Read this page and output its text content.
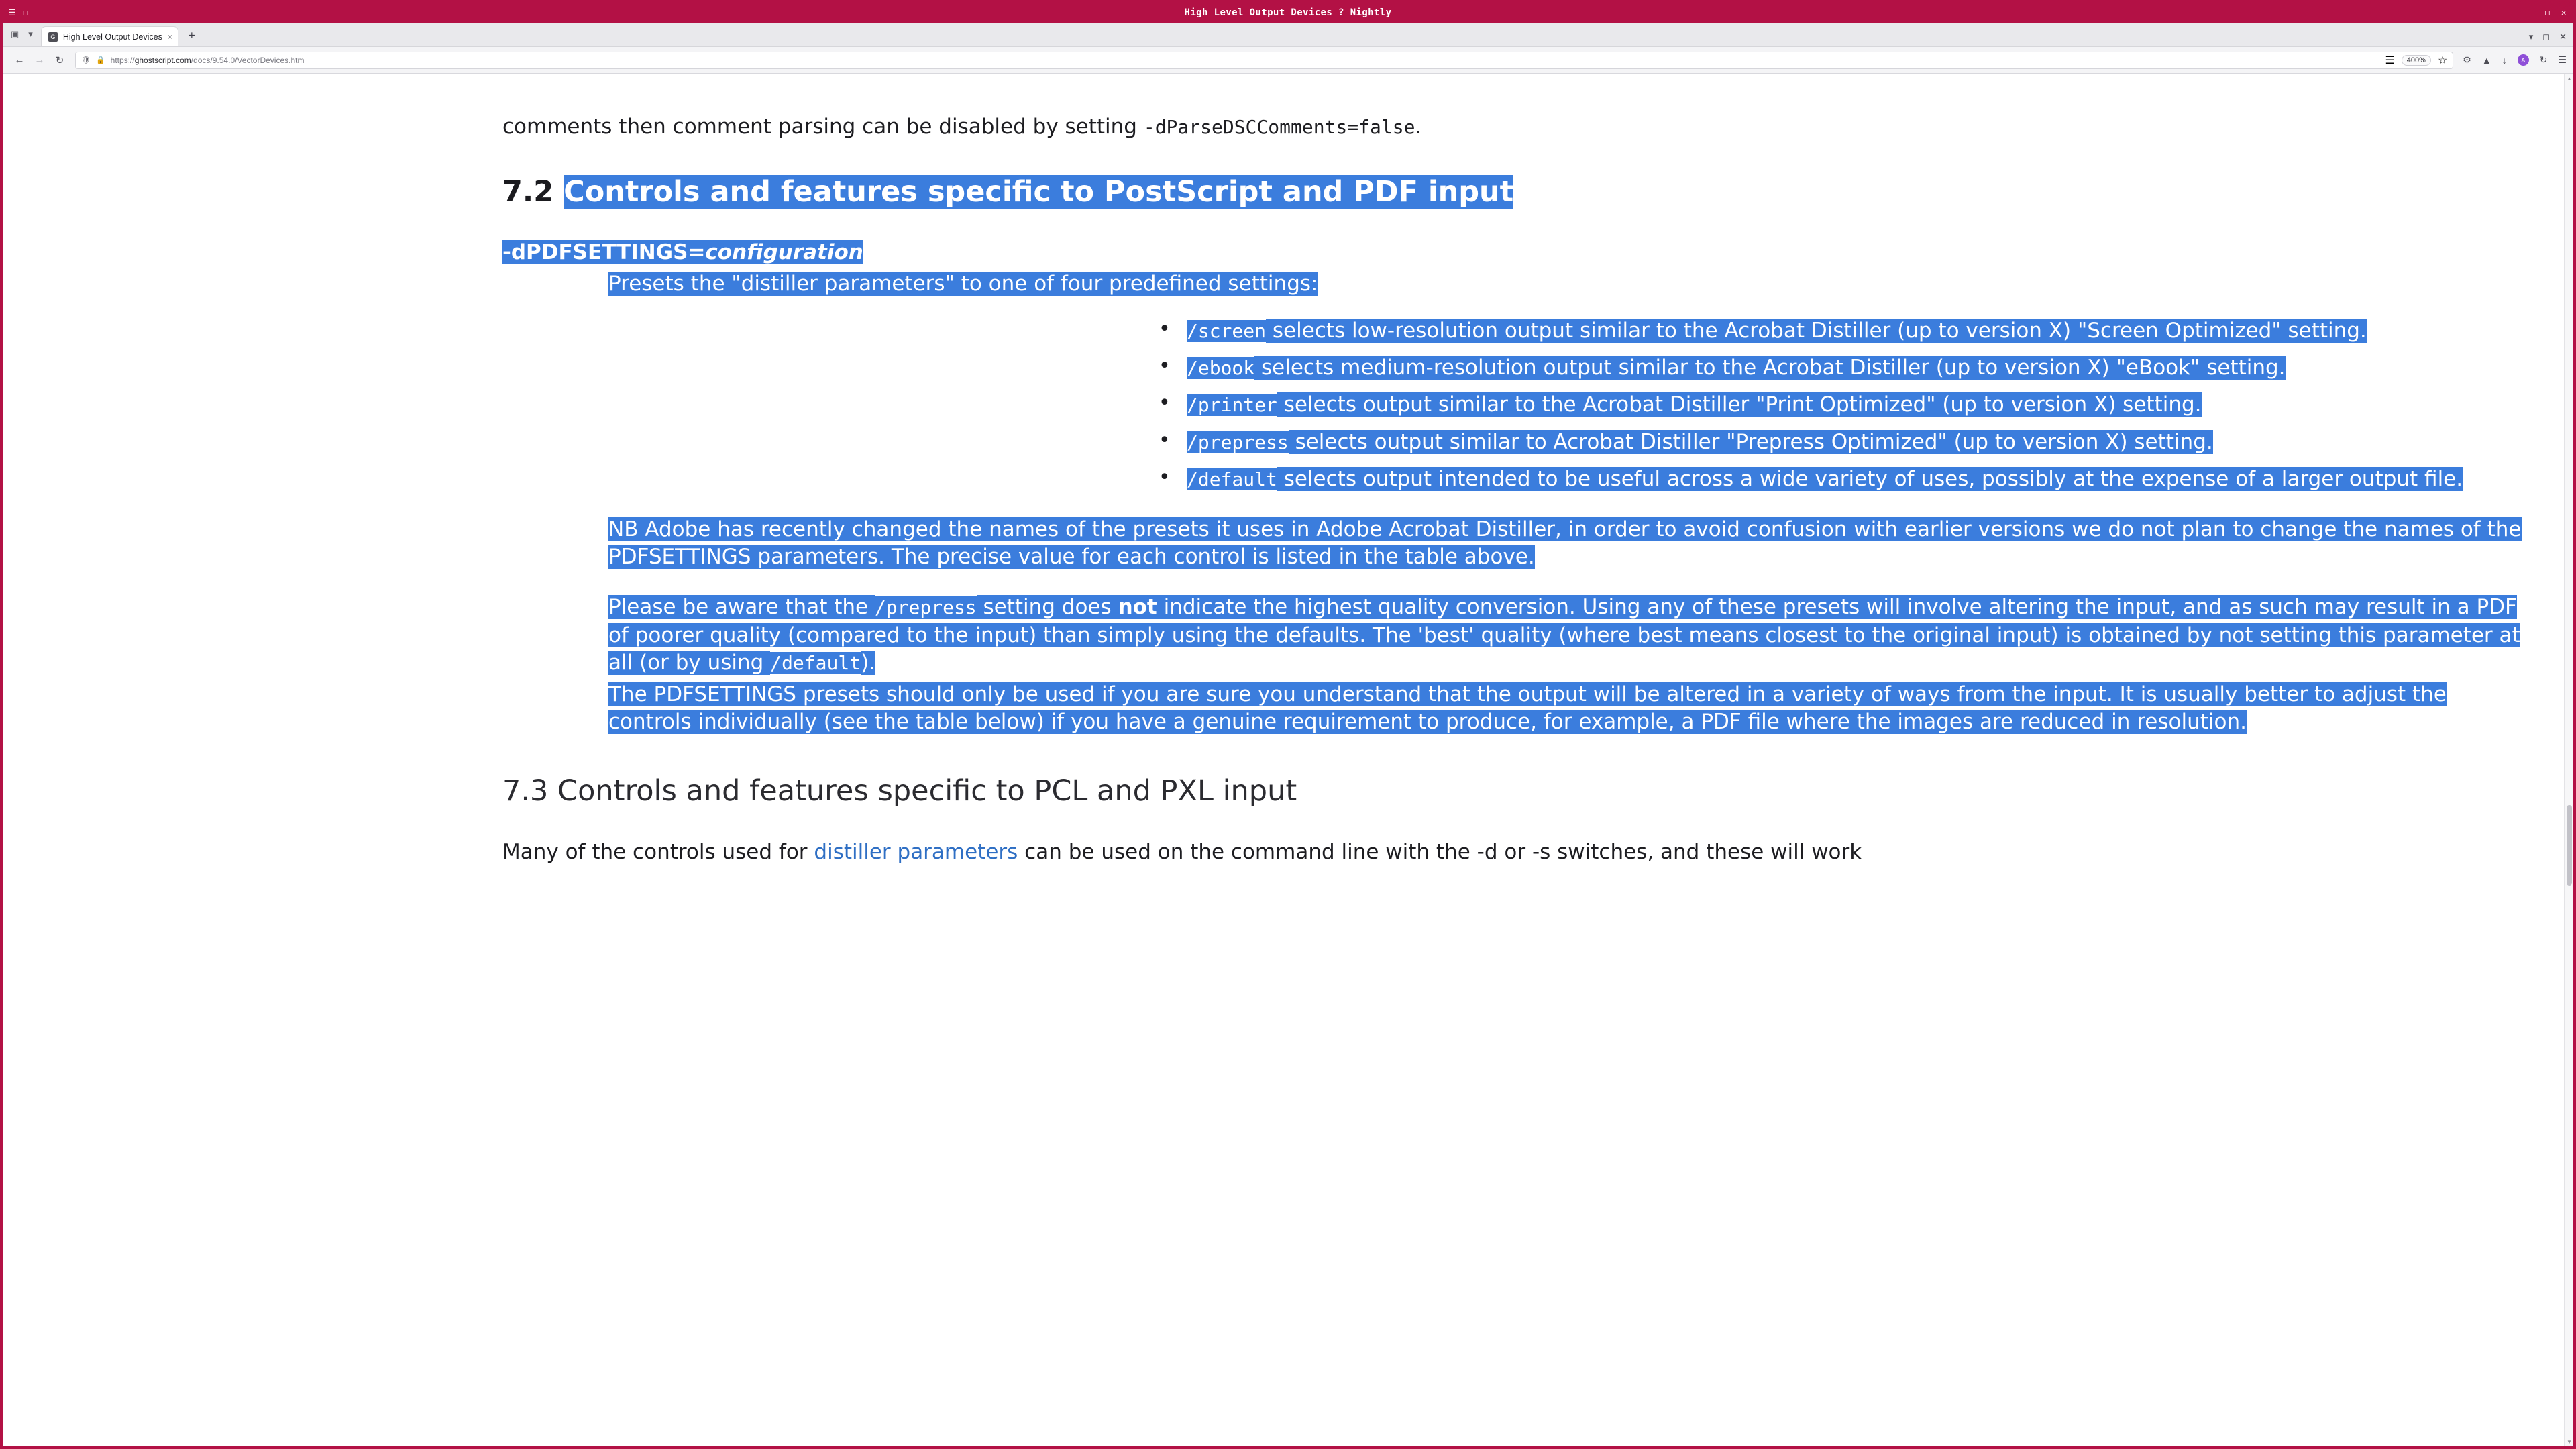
☰ ☐	High Level Output Devices ? Nightly	– ◻ ✕
▣ ▾	G High Level Output Devices ×	+	▾ ◻ ✕
←	→	↻	🛡 🔒 https://ghostscript.com/docs/9.54.0/VectorDevices.htm	☰	400%	☆ ⚙ ▲ ↓	A	↻ ☰

comments then comment parsing can be disabled by setting -dParseDSCComments=false.

7.2 Controls and features specific to PostScript and PDF input

-dPDFSETTINGS=configuration

Presets the "distiller parameters" to one of four predefined settings:

• /screen selects low-resolution output similar to the Acrobat Distiller (up to version X) "Screen Optimized" setting.
• /ebook selects medium-resolution output similar to the Acrobat Distiller (up to version X) "eBook" setting.
• /printer selects output similar to the Acrobat Distiller "Print Optimized" (up to version X) setting.
• /prepress selects output similar to Acrobat Distiller "Prepress Optimized" (up to version X) setting.
• /default selects output intended to be useful across a wide variety of uses, possibly at the expense of a larger output file.

NB Adobe has recently changed the names of the presets it uses in Adobe Acrobat Distiller, in order to avoid confusion with earlier versions we do not plan to change the names of the PDFSETTINGS parameters. The precise value for each control is listed in the table above.

Please be aware that the /prepress setting does not indicate the highest quality conversion. Using any of these presets will involve altering the input, and as such may result in a PDF of poorer quality (compared to the input) than simply using the defaults. The 'best' quality (where best means closest to the original input) is obtained by not setting this parameter at all (or by using /default).

The PDFSETTINGS presets should only be used if you are sure you understand that the output will be altered in a variety of ways from the input. It is usually better to adjust the controls individually (see the table below) if you have a genuine requirement to produce, for example, a PDF file where the images are reduced in resolution.

7.3 Controls and features specific to PCL and PXL input

Many of the controls used for distiller parameters can be used on the command line with the -d or -s switches, and these will work

▲
▼
